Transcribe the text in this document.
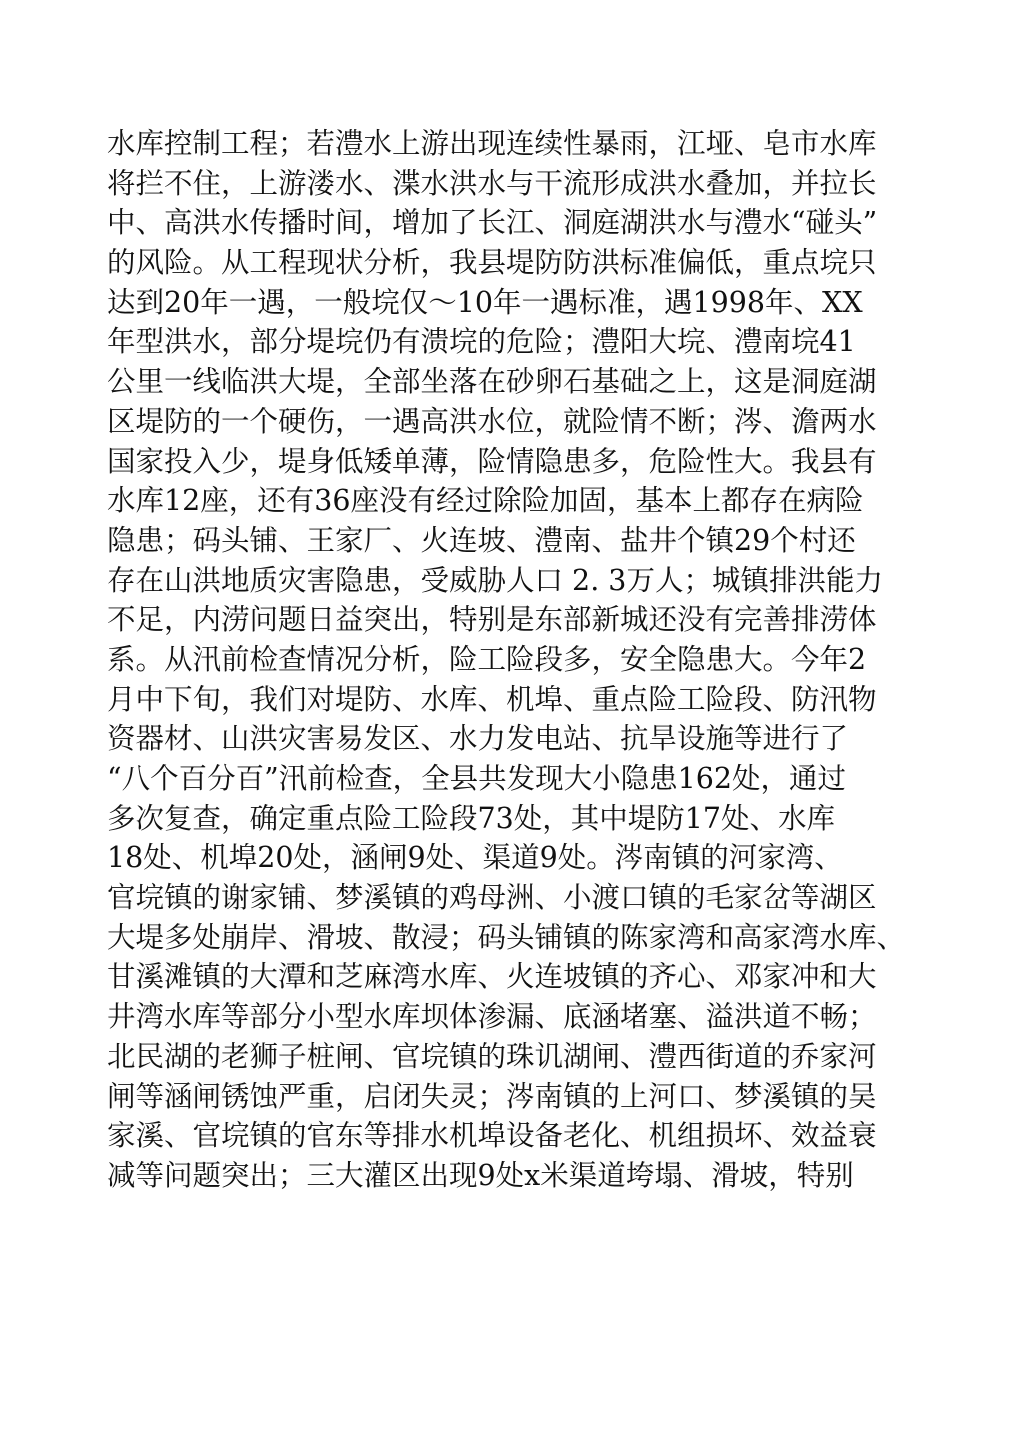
水库控制工程；若澧水上游出现连续性暴雨，江垭、皂市水库
将拦不住，上游溇水、渫水洪水与干流形成洪水叠加，并拉长
中、高洪水传播时间，增加了长江、洞庭湖洪水与澧水“碰头”
的风险。从工程现状分析，我县堤防防洪标准偏低，重点垸只
达到20年一遇，一般垸仅～10年一遇标准，遇1998年、XX
年型洪水，部分堤垸仍有溃垸的危险；澧阳大垸、澧南垸41
公里一线临洪大堤，全部坐落在砂卵石基础之上，这是洞庭湖
区堤防的一个硬伤，一遇高洪水位，就险情不断；涔、澹两水
国家投入少，堤身低矮单薄，险情隐患多，危险性大。我县有
水库12座，还有36座没有经过除险加固，基本上都存在病险
隐患；码头铺、王家厂、火连坡、澧南、盐井个镇29个村还
存在山洪地质灾害隐患，受威胁人口 2. 3万人；城镇排洪能力
不足，内涝问题日益突出，特别是东部新城还没有完善排涝体
系。从汛前检查情况分析，险工险段多，安全隐患大。今年2
月中下旬，我们对堤防、水库、机埠、重点险工险段、防汛物
资器材、山洪灾害易发区、水力发电站、抗旱设施等进行了
“八个百分百”汛前检查，全县共发现大小隐患162处，通过
多次复查，确定重点险工险段73处，其中堤防17处、水库
18处、机埠20处，涵闸9处、渠道9处。涔南镇的河家湾、
官垸镇的谢家铺、梦溪镇的鸡母洲、小渡口镇的毛家岔等湖区
大堤多处崩岸、滑坡、散浸；码头铺镇的陈家湾和高家湾水库、
甘溪滩镇的大潭和芝麻湾水库、火连坡镇的齐心、邓家冲和大
井湾水库等部分小型水库坝体渗漏、底涵堵塞、溢洪道不畅；
北民湖的老狮子桩闸、官垸镇的珠讥湖闸、澧西街道的乔家河
闸等涵闸锈蚀严重，启闭失灵；涔南镇的上河口、梦溪镇的吴
家溪、官垸镇的官东等排水机埠设备老化、机组损坏、效益衰
减等问题突出；三大灌区出现9处x米渠道垮塌、滑坡，特别
